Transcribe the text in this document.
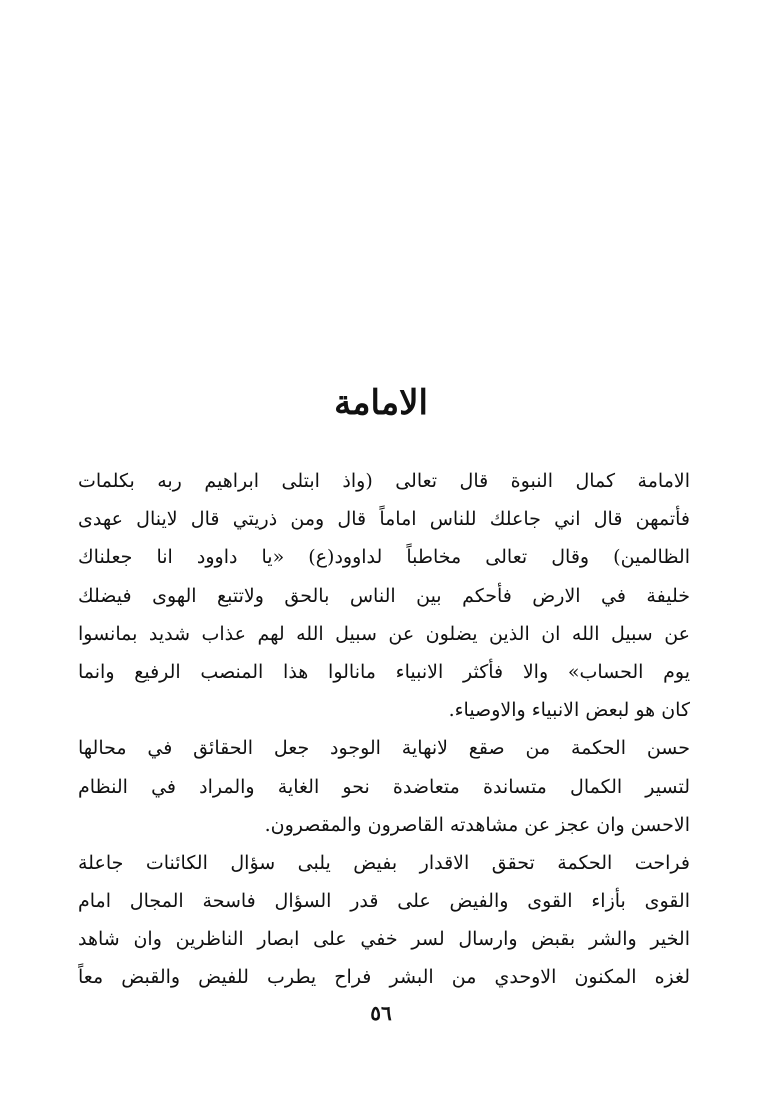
الامامة
الامامة كمال النبوة قال تعالى (واذ ابتلى ابراهيم ربه بكلمات
فأتمهن قال اني جاعلك للناس اماماً قال ومن ذريتي قال لاينال عهدى
الظالمين) وقال تعالى مخاطباً لداوود(ع) «يا داوود انا جعلناك
خليفة في الارض فأحكم بين الناس بالحق ولاتتبع الهوى فيضلك
عن سبيل الله ان الذين يضلون عن سبيل الله لهم عذاب شديد بمانسوا
يوم الحساب» والا فأكثر الانبياء مانالوا هذا المنصب الرفيع وانما
كان هو لبعض الانبياء والاوصياء.
حسن الحكمة من صقع لانهاية الوجود جعل الحقائق في محالها
لتسير الكمال متساندة متعاضدة نحو الغاية والمراد في النظام
الاحسن وان عجز عن مشاهدته القاصرون والمقصرون.
فراحت الحكمة تحقق الاقدار بفيض يلبى سؤال الكائنات جاعلة
القوى بأزاء القوى والفيض على قدر السؤال فاسحة المجال امام
الخير والشر بقبض وارسال لسر خفي على ابصار الناظرين وان شاهد
لغزه المكنون الاوحدي من البشر فراح يطرب للفيض والقبض معاً
٥٦
